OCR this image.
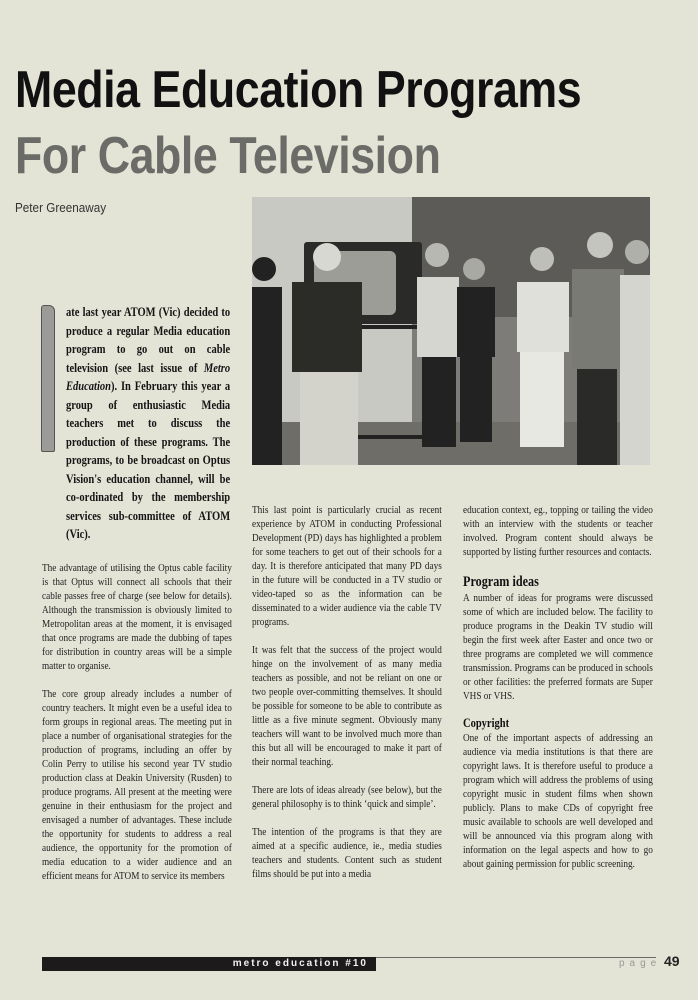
Media Education Programs
For Cable Television
Peter Greenaway

ate last year ATOM (Vic) decided to produce a regular Media education program to go out on cable television (see last issue of Metro Education). In February this year a group of enthusiastic Media teachers met to discuss the production of these programs. The programs, to be broadcast on Optus Vision's education channel, will be co-ordinated by the membership services sub-committee of ATOM (Vic).

The advantage of utilising the Optus cable facility is that Optus will connect all schools that their cable passes free of charge (see below for details). Although the transmission is obviously limited to Metropolitan areas at the moment, it is envisaged that once programs are made the dubbing of tapes for distribution in country areas will be a simple matter to organise.

The core group already includes a number of country teachers. It might even be a useful idea to form groups in regional areas. The meeting put in place a number of organisational strategies for the production of programs, including an offer by Colin Perry to utilise his second year TV studio production class at Deakin University (Rusden) to produce programs. All present at the meeting were genuine in their enthusiasm for the project and envisaged a number of advantages. These include the opportunity for students to address a real audience, the opportunity for the promotion of media education to a wider audience and an efficient means for ATOM to service its members

This last point is particularly crucial as recent experience by ATOM in conducting Professional Development (PD) days has highlighted a problem for some teachers to get out of their schools for a day. It is therefore anticipated that many PD days in the future will be conducted in a TV studio or video-taped so as the information can be disseminated to a wider audience via the cable TV programs.

It was felt that the success of the project would hinge on the involvement of as many media teachers as possible, and not be reliant on one or two people over-committing themselves. It should be possible for someone to be able to contribute as little as a five minute segment. Obviously many teachers will want to be involved much more than this but all will be encouraged to make it part of their normal teaching.

There are lots of ideas already (see below), but the general philosophy is to think ‘quick and simple’.

The intention of the programs is that they are aimed at a specific audience, ie., media studies teachers and students. Content such as student films should be put into a media

education context, eg., topping or tailing the video with an interview with the students or teacher involved. Program content should always be supported by listing further resources and contacts.

Program ideas

A number of ideas for programs were discussed some of which are included below. The facility to produce programs in the Deakin TV studio will begin the first week after Easter and once two or three programs are completed we will commence transmission. Programs can be produced in schools or other facilities: the preferred formats are Super VHS or VHS.

Copyright

One of the important aspects of addressing an audience via media institutions is that there are copyright laws. It is therefore useful to produce a program which will address the problems of using copyright music in student films when shown publicly. Plans to make CDs of copyright free music available to schools are well developed and will be announced via this program along with information on the legal aspects and how to go about gaining permission for public screening.

metro education #10	page 49
